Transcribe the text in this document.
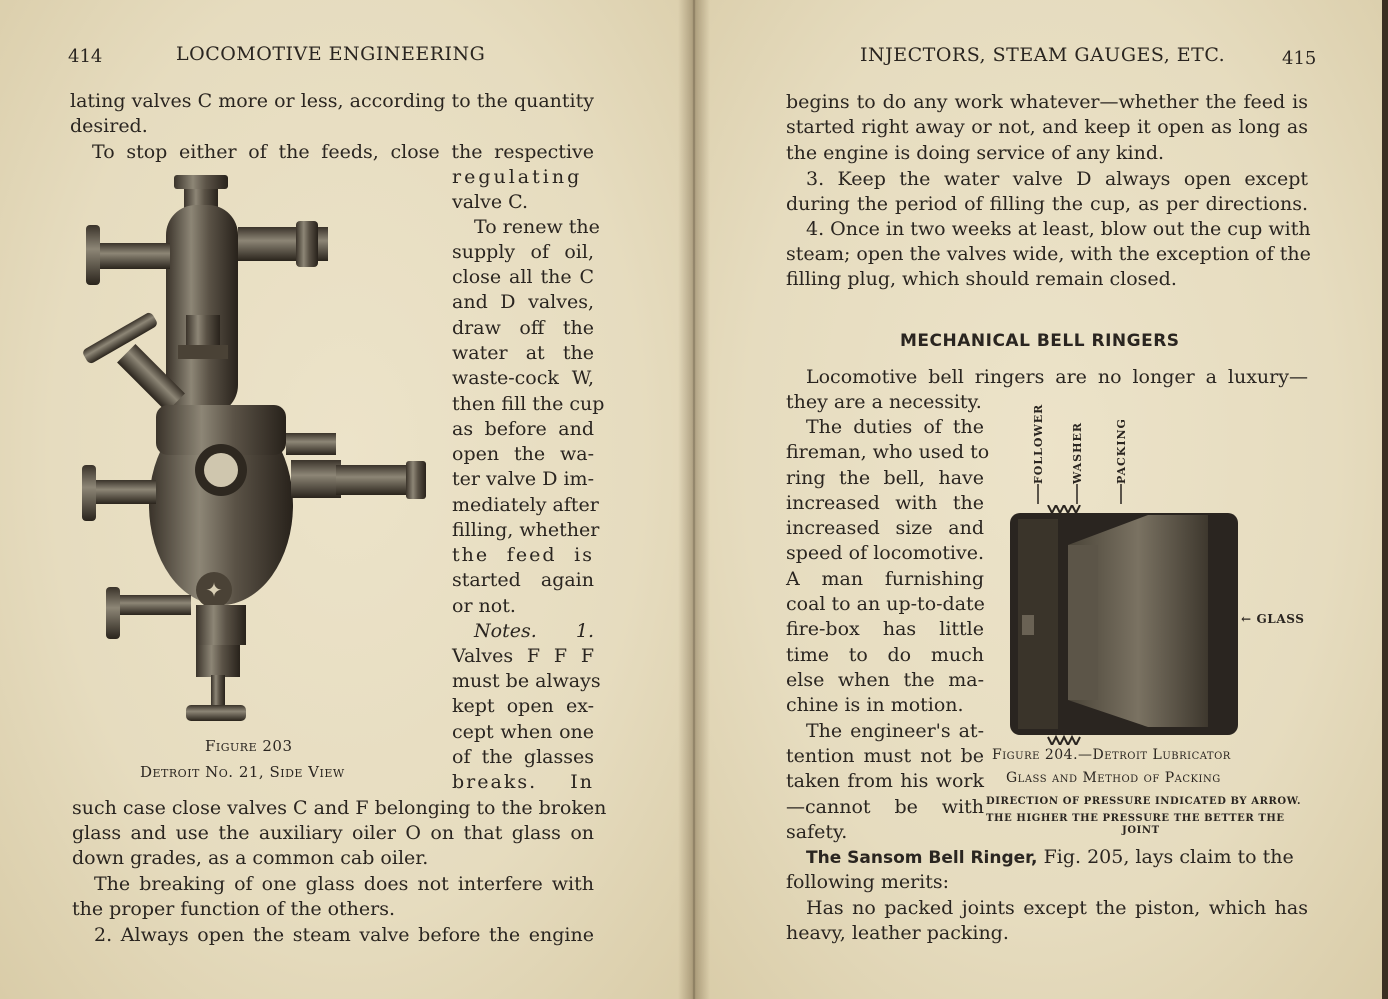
414	LOCOMOTIVE ENGINEERING
lating valves C more or less, according to the quantity
desired.
To stop either of the feeds, close the respective
regulating
valve C.
To renew the
supply of oil,
close all the C
and D valves,
draw off the
water at the
waste-cock W,
then fill the cup
as before and
open the wa-
ter valve D im-
mediately after
filling, whether
the feed is
started again
or not.
Notes. 1.
Valves F F F
must be always
kept open ex-
cept when one
of the glasses
breaks. In
✦
Figure 203
Detroit No. 21, Side View
such case close valves C and F belonging to the broken
glass and use the auxiliary oiler O on that glass on
down grades, as a common cab oiler.
The breaking of one glass does not interfere with
the proper function of the others.
2. Always open the steam valve before the engine
INJECTORS, STEAM GAUGES, ETC.	415
begins to do any work whatever—whether the feed is
started right away or not, and keep it open as long as
the engine is doing service of any kind.
3. Keep the water valve D always open except
during the period of filling the cup, as per directions.
4. Once in two weeks at least, blow out the cup with
steam; open the valves wide, with the exception of the
filling plug, which should remain closed.
MECHANICAL BELL RINGERS
Locomotive bell ringers are no longer a luxury—
they are a necessity.
The duties of the
fireman, who used to
ring the bell, have
increased with the
increased size and
speed of locomotive.
A man furnishing
coal to an up-to-date
fire-box has little
time to do much
else when the ma-
chine is in motion.
The engineer's at-
tention must not be
taken from his work
—cannot be with
safety.
FOLLOWER WASHER	PACKING
← GLASS
Figure 204.—Detroit Lubricator
Glass and Method of Packing
DIRECTION OF PRESSURE INDICATED BY ARROW.
THE HIGHER THE PRESSURE THE BETTER THE
JOINT
The Sansom Bell Ringer, Fig. 205, lays claim to the
following merits:
Has no packed joints except the piston, which has
heavy, leather packing.
